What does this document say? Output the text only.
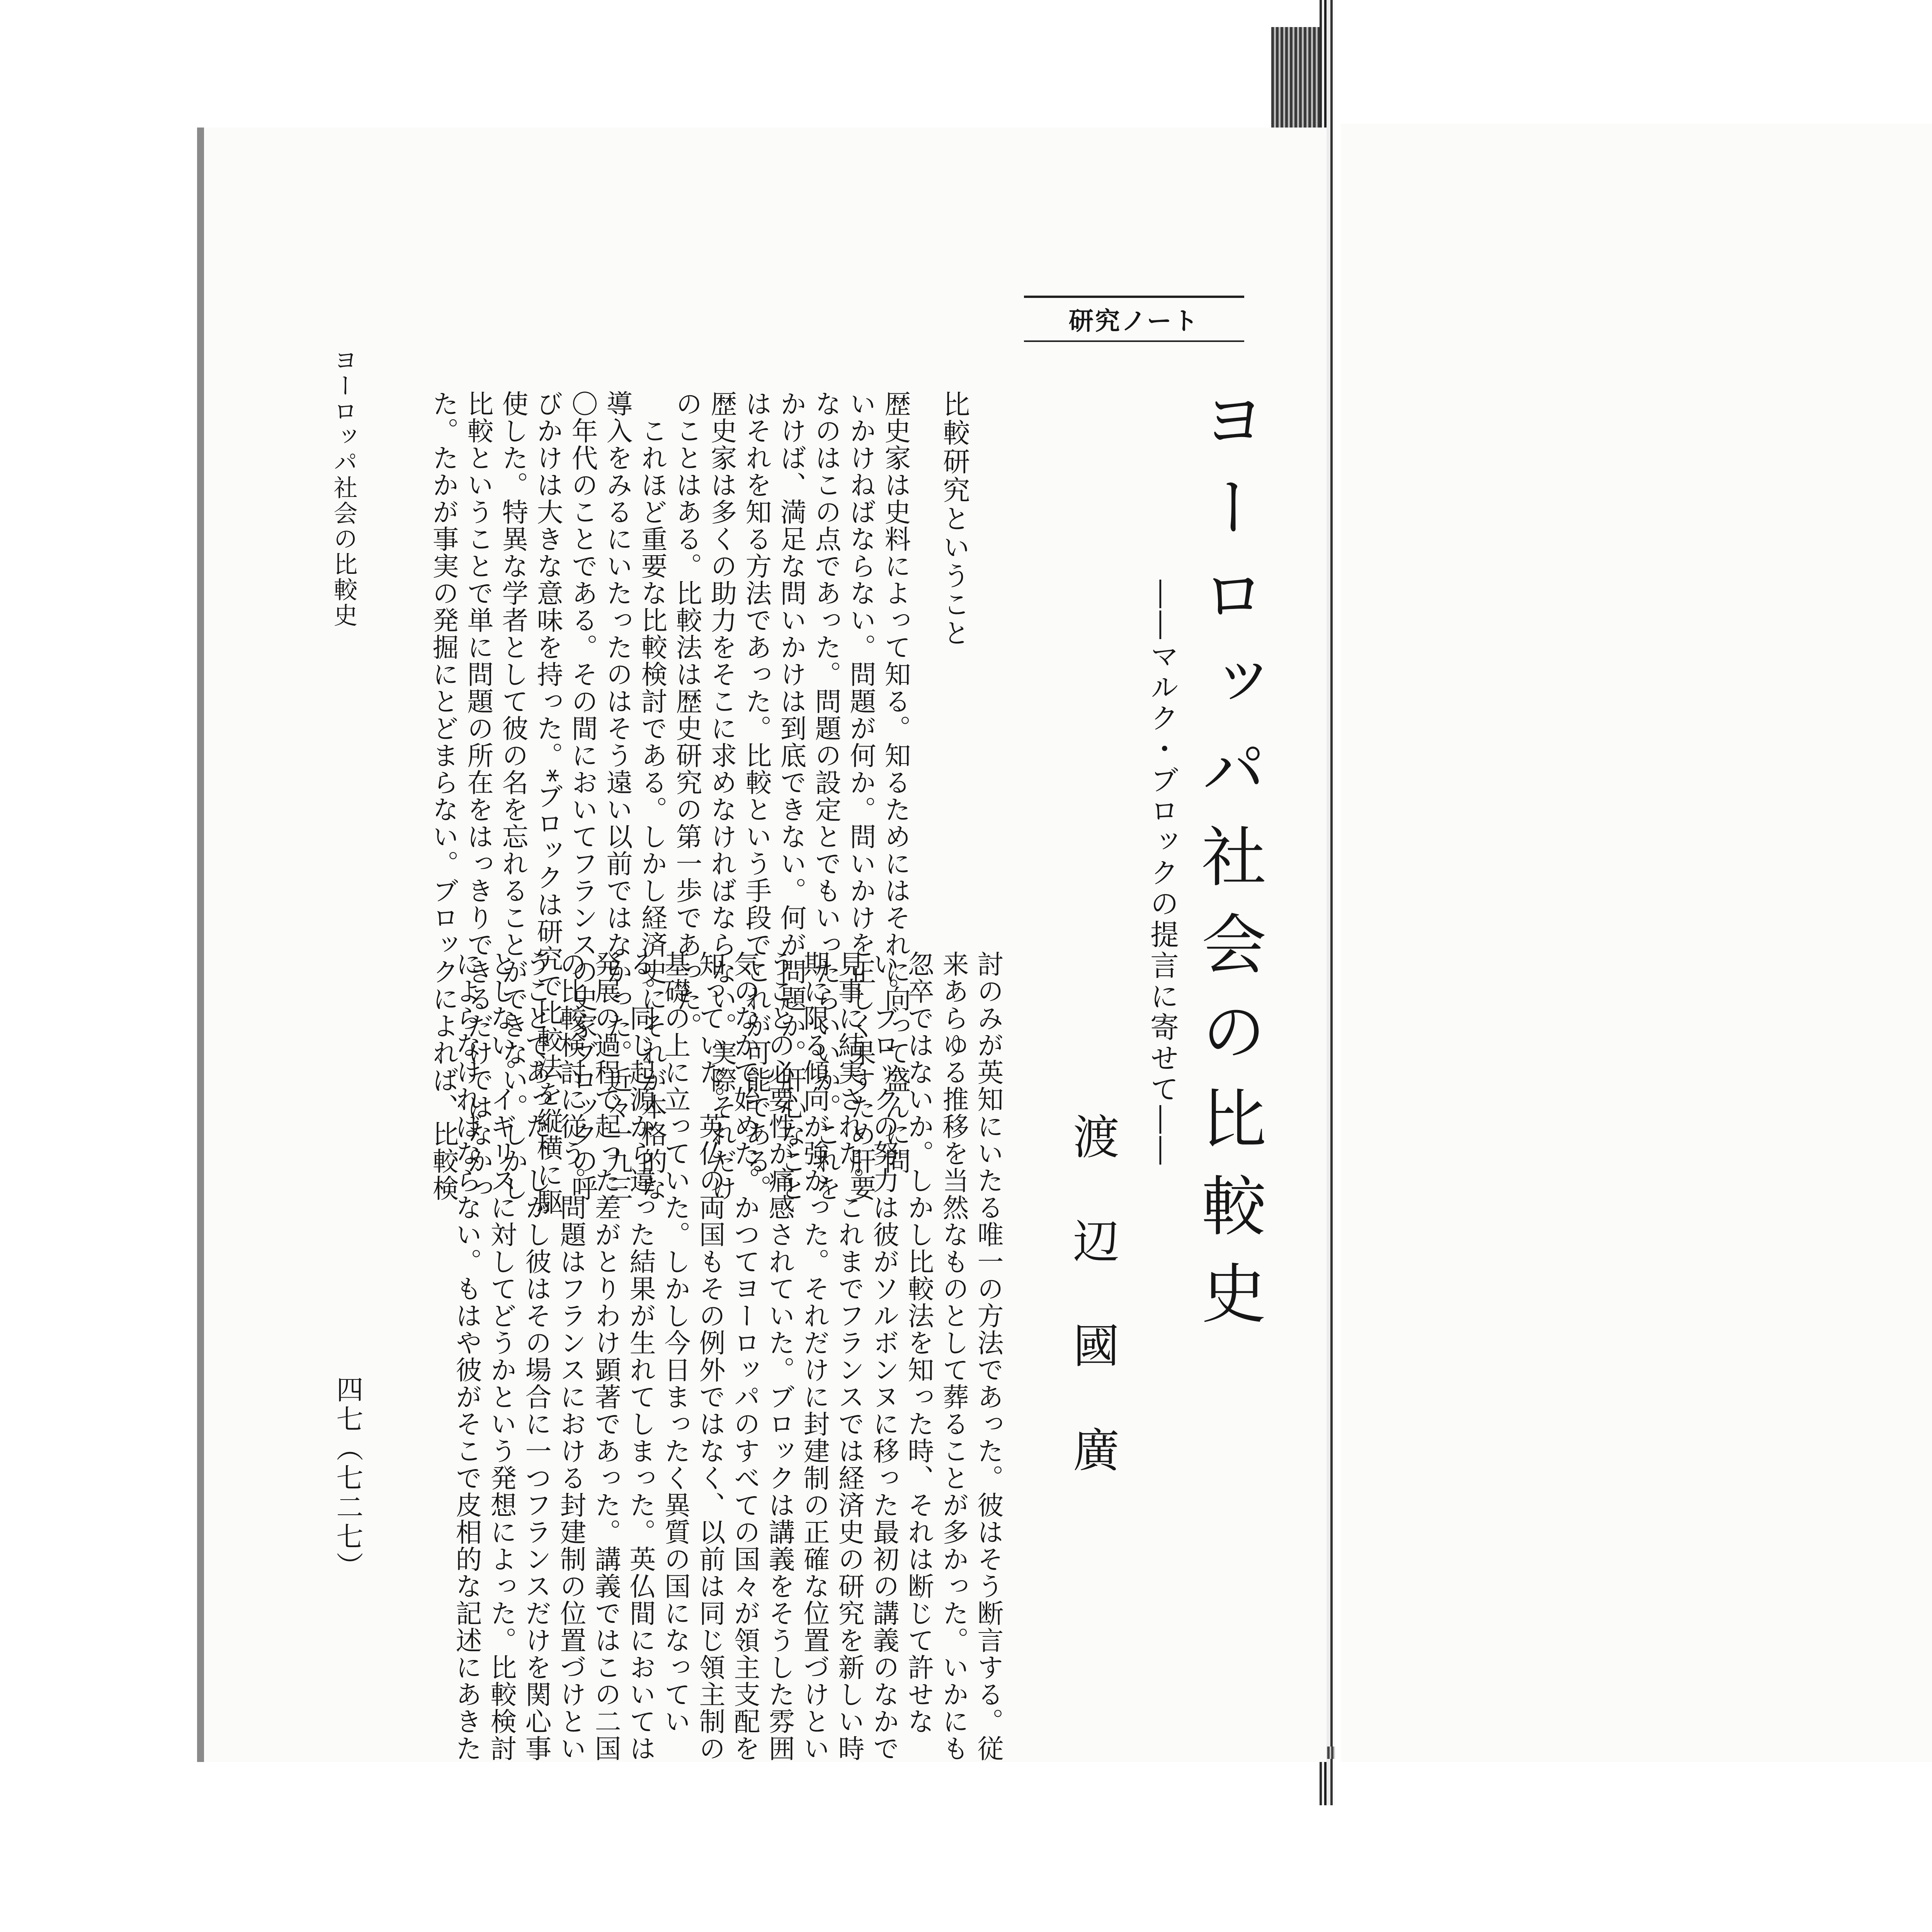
研究ノート
ヨーロッパ社会の比較史
――マルク・ブロックの提言に寄せて――
渡辺國廣
比較研究ということ
歴史家は史料によって知る。知るためにはそれに向って盛んに問
いかけねばならない。問題が何か。問いかけを正しく果すため肝要
なのはこの点であった。問題の設定とでもいったらいいか。これを
かけば、満足な問いかけは到底できない。何が問題か。肝心なこと
はそれを知る方法であった。比較という手段でこれが可能である。
歴史家は多くの助力をそこに求めなければならない。実際それだけ
のことはある。比較法は歴史研究の第一歩であった。
　これほど重要な比較検討である。しかし経済史にそれが本格的な
導入をみるにいたったのはそう遠い以前ではなかった。近々一九三
〇年代のことである。その間においてフランスの史家ブロックの呼
びかけは大きな意味を持った。*ブロックは研究で比較法を縦横に駆
使した。特異な学者として彼の名を忘れることができない。しかし
比較ということで単に問題の所在をはっきりできるだけではなかっ
た。たかが事実の発掘にとどまらない。ブロックによれば、比較検
討のみが英知にいたる唯一の方法であった。彼はそう断言する。従
来あらゆる推移を当然なものとして葬ることが多かった。いかにも
忽卒ではないか。しかし比較法を知った時、それは断じて許せな
い。ブロックの努力は彼がソルボンヌに移った最初の講義のなかで
見事に結実された。これまでフランスでは経済史の研究を新しい時
期に限る傾向が強かった。それだけに封建制の正確な位置づけとい
うことの必要性が痛感されていた。ブロックは講義をそうした雰囲
気のなかで始めた。かつてヨーロッパのすべての国々が領主支配を
知っていた。英仏の両国もその例外ではなく、以前は同じ領主制の
基礎の上に立っていた。しかし今日まったく異質の国になってい
る。同じ起源から違った結果が生れてしまった。英仏間においては
発展の過程で起った差がとりわけ顕著であった。講義ではこの二国
の比較検討に従う。問題はフランスにおける封建制の位置づけとい
うことであった。しかし彼はその場合に一つフランスだけを関心事
としない。イギリスに対してどうかという発想によった。比較検討
によらなければならない。もはや彼がそこで皮相的な記述にあきた
ヨーロッパ社会の比較史
四七（七二七）
